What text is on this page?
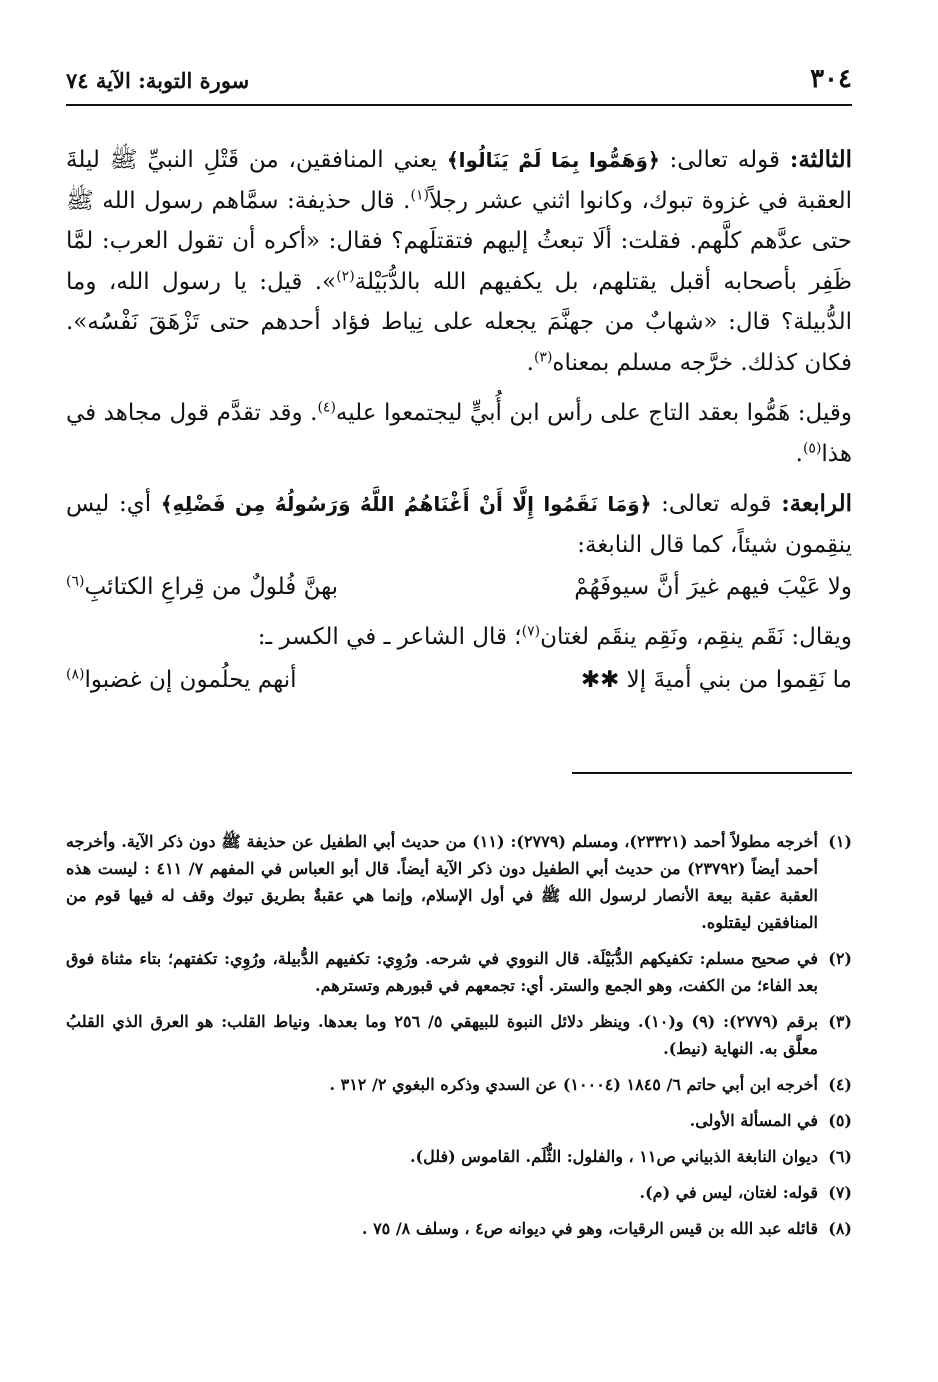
٣٠٤
سورة التوبة: الآية ٧٤

الثالثة: قوله تعالى: ﴿وَهَمُّوا بِمَا لَمْ يَنَالُوا﴾ يعني المنافقين، من قَتْلِ النبيِّ ﷺ ليلةَ العقبة في غزوة تبوك، وكانوا اثني عشر رجلاً$^{(١)}$. قال حذيفة: سمَّاهم رسول الله ﷺ حتى عدَّهم كلَّهم. فقلت: ألَا تبعثُ إليهم فتقتلَهم؟ فقال: «أكره أن تقول العرب: لمَّا ظَفِر بأصحابه أقبل يقتلهم، بل يكفيهم الله بالدُّبَيْلة$^{(٢)}$». قيل: يا رسول الله، وما الدُّبيلة؟ قال: «شهابٌ من جهنَّمَ يجعله على نِياط فؤاد أحدهم حتى تَزْهَقَ نَفْسُه». فكان كذلك. خرَّجه مسلم بمعناه$^{(٣)}$.

وقيل: هَمُّوا بعقد التاج على رأس ابن أُبيٍّ ليجتمعوا عليه$^{(٤)}$. وقد تقدَّم قول مجاهد في هذا$^{(٥)}$.

الرابعة: قوله تعالى: ﴿وَمَا نَقَمُوا إِلَّا أَنْ أَغْنَاهُمُ اللَّهُ وَرَسُولُهُ مِن فَضْلِهِ﴾ أي: ليس ينقِمون شيئاً، كما قال النابغة:

ولا عَيْبَ فيهم غيرَ أنَّ سيوفَهُمْ
بهنَّ فُلولٌ من قِراعِ الكتائبِ$^{(٦)}$

ويقال: نَقَم ينقِم، ونَقِم ينقَم لغتان$^{(٧)}$؛ قال الشاعر ـ في الكسر ـ:

ما نَقِموا من بني أميةَ إلا ✱✱
أنهم يحلُمون إن غضبوا$^{(٨)}$
(١)
أخرجه مطولاً أحمد (٢٣٣٢١)، ومسلم (٢٧٧٩): (١١) من حديث أبي الطفيل عن حذيفة ﷺ دون ذكر الآية. وأخرجه أحمد أيضاً (٢٣٧٩٢) من حديث أبي الطفيل دون ذكر الآية أيضاً. قال أبو العباس في المفهم ٧/ ٤١١ : ليست هذه العقبة عقبة بيعة الأنصار لرسول الله ﷺ في أول الإسلام، وإنما هي عقبةٌ بطريق تبوك وقف له فيها قوم من المنافقين ليقتلوه.
(٢)
في صحيح مسلم: تكفيكهم الدُّبَيْلَة. قال النووي في شرحه. ورُوِي: تكفيهم الدُّبيلة، ورُوِي: تكفتهم؛ بتاء مثناة فوق بعد الفاء؛ من الكفت، وهو الجمع والستر. أي: تجمعهم في قبورهم وتسترهم.
(٣)
برقم (٢٧٧٩): (٩) و(١٠). وينظر دلائل النبوة للبيهقي ٥/ ٢٥٦ وما بعدها. ونياط القلب: هو العرق الذي القلبُ معلَّق به. النهاية (نيط).
(٤)
أخرجه ابن أبي حاتم ٦/ ١٨٤٥ (١٠٠٠٤) عن السدي وذكره البغوي ٢/ ٣١٢ .
(٥)
في المسألة الأولى.
(٦)
ديوان النابغة الذبياني ص١١ ، والفلول: الثُّلَم. القاموس (فلل).
(٧)
قوله: لغتان، ليس في (م).
(٨)
قائله عبد الله بن قيس الرقيات، وهو في ديوانه ص٤ ، وسلف ٨/ ٧٥ .
